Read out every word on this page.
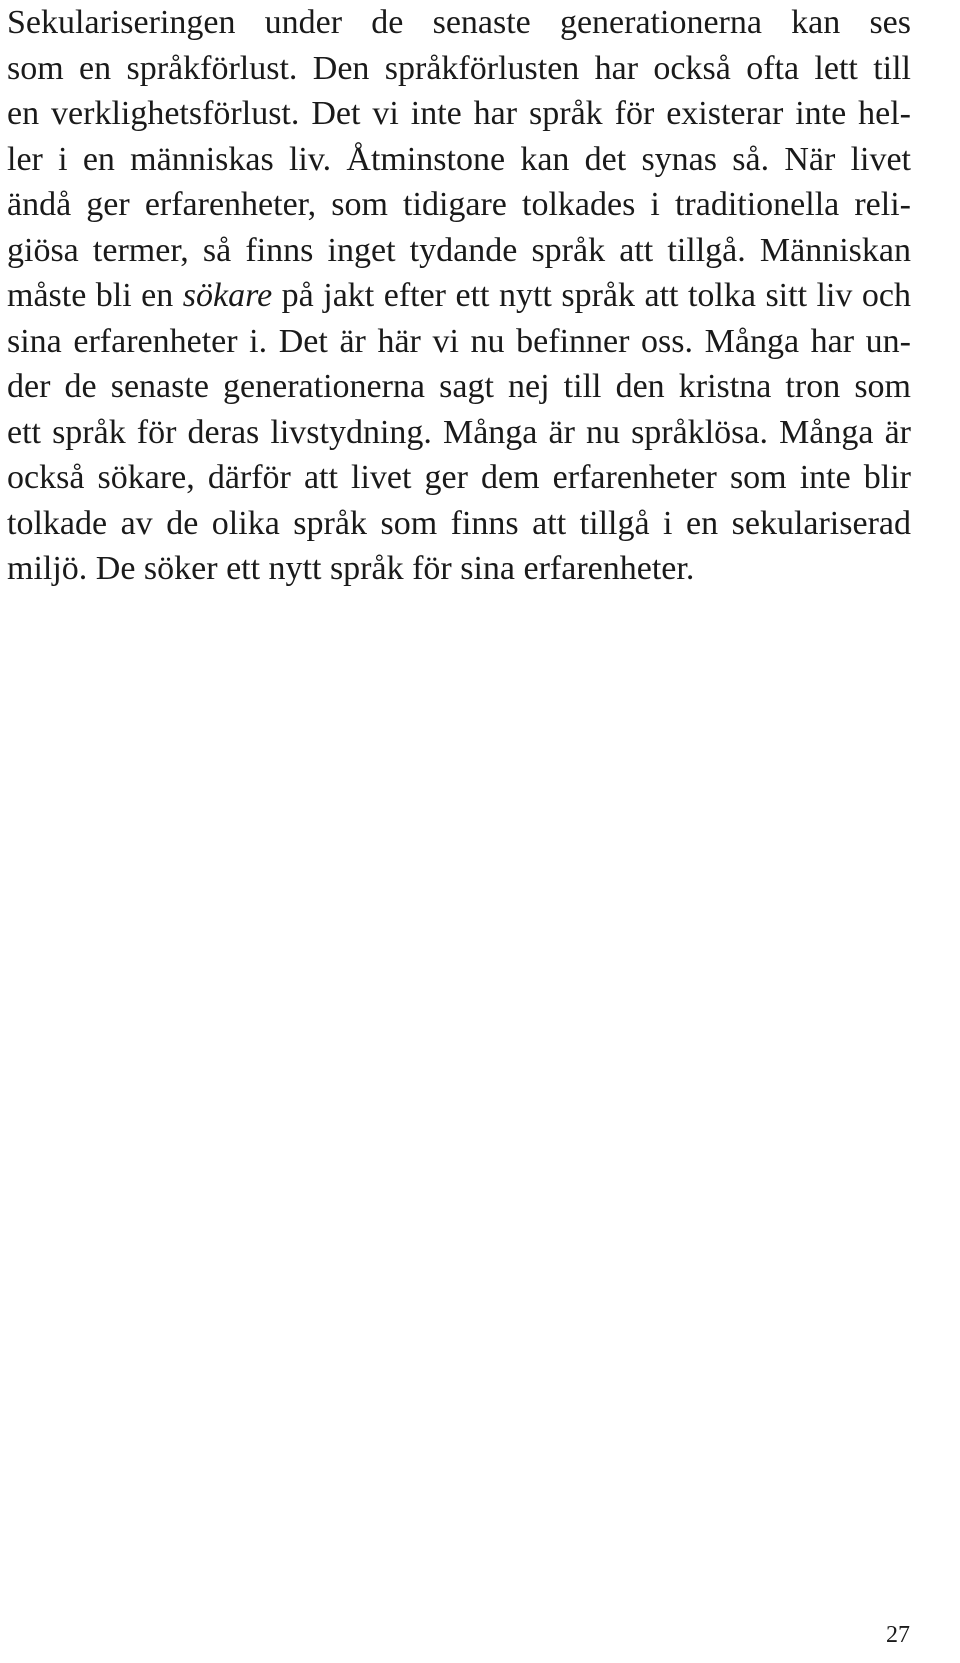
Sekulariseringen under de senaste generationerna kan ses
som en språkförlust. Den språkförlusten har också ofta lett till
en verklighetsförlust. Det vi inte har språk för existerar inte hel-
ler i en människas liv. Åtminstone kan det synas så. När livet
ändå ger erfarenheter, som tidigare tolkades i traditionella reli-
giösa termer, så finns inget tydande språk att tillgå. Människan
måste bli en sökare på jakt efter ett nytt språk att tolka sitt liv och
sina erfarenheter i. Det är här vi nu befinner oss. Många har un-
der de senaste generationerna sagt nej till den kristna tron som
ett språk för deras livstydning. Många är nu språklösa. Många är
också sökare, därför att livet ger dem erfarenheter som inte blir
tolkade av de olika språk som finns att tillgå i en sekulariserad
miljö. De söker ett nytt språk för sina erfarenheter.

27
